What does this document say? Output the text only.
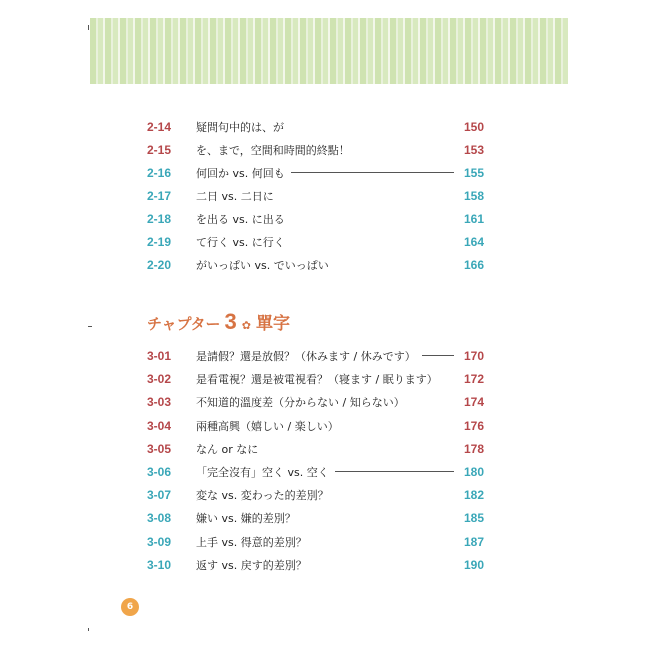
2-14	疑問句中的は、が	150
2-15	を、まで，空間和時間的終點！	153
2-16	何回か vs. 何回も	155
2-17	二日 vs. 二日に	158
2-18	を出る vs. に出る	161
2-19	て行く vs. に行く	164
2-20	がいっぱい vs. でいっぱい	166
チャプター 3 ✿ 單字
3-01	是請假？還是放假？（休みます / 休みです）	170
3-02	是看電視？還是被電視看？（寝ます / 眠ります）	172
3-03	不知道的溫度差（分からない / 知らない）	174
3-04	兩種高興（嬉しい / 楽しい）	176
3-05	なん or なに	178
3-06	「完全沒有」空く vs. 空く	180
3-07	変な vs. 変わった的差別？	182
3-08	嫌い vs. 嫌的差別？	185
3-09	上手 vs. 得意的差別？	187
3-10	返す vs. 戻す的差別？	190
6
